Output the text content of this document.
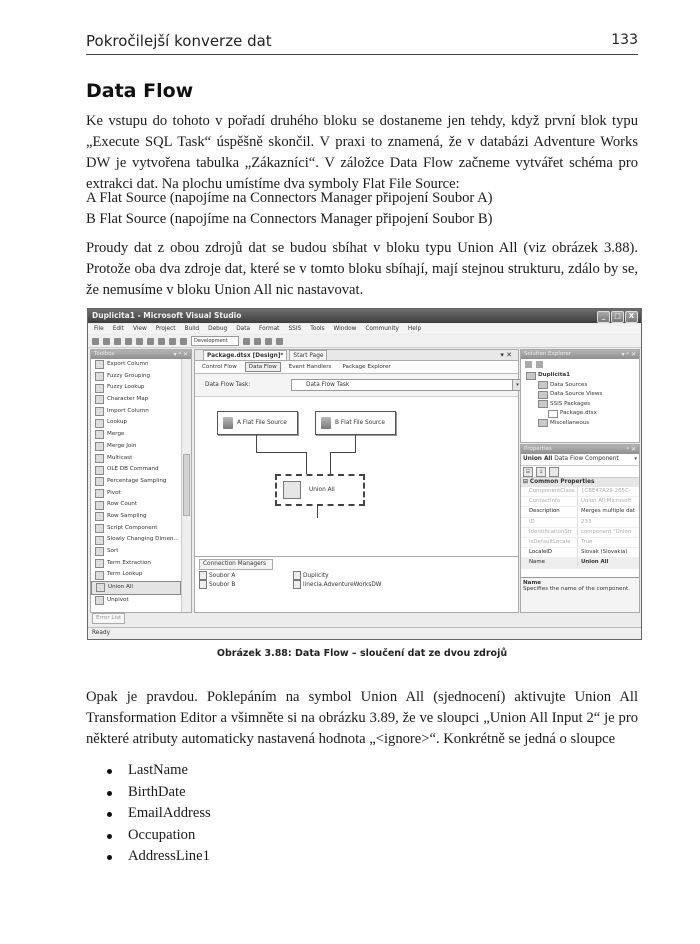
Pokročilejší konverze dat	133
Data Flow

Ke vstupu do tohoto v pořadí druhého bloku se dostaneme jen tehdy, když první blok typu „Execute SQL Task“ úspěšně skončil. V praxi to znamená, že v databázi Adventure Works DW je vytvořena tabulka „Zákazníci“. V záložce Data Flow začneme vytvářet schéma pro extrakci dat. Na plochu umístíme dva symboly Flat File Source:

A Flat Source (napojíme na Connectors Manager připojení Soubor A)

B Flat Source (napojíme na Connectors Manager připojení Soubor B)

Proudy dat z obou zdrojů dat se budou sbíhat v bloku typu Union All (viz obrázek 3.88). Protože oba dva zdroje dat, které se v tomto bloku sbíhají, mají stejnou strukturu, zdálo by se, že nemusíme v bloku Union All nic nastavovat.

Duplicita1 - Microsoft Visual Studio	_	□	X
File Edit View Project Build Debug Data Format SSIS Tools Window Community Help
Development
Toolbox	▾ ᵖ ✕
Export Column
Fuzzy Grouping
Fuzzy Lookup
Character Map
Import Column
Lookup
Merge
Merge Join
Multicast
OLE DB Command
Percentage Sampling
Pivot
Row Count
Row Sampling
Script Component
Slowly Changing Dimen...
Sort
Term Extraction
Term Lookup
Union All
Unpivot
Package.dtsx [Design]*	Start Page	▾ ✕
Control Flow	Data Flow	Event Handlers	Package Explorer
Data Flow Task:	Data Flow Task	▾
A Flat File Source	B Flat File Source
Union All
Connection Managers
Soubor A
Soubor B
Duplicity
linecla.AdventureWorksDW
Solution Explorer	▾ ᵖ ✕
Duplicita1
Data Sources
Data Source Views
SSIS Packages
Package.dtsx
Miscellaneous
Properties	ᵖ ✕
Union All Data Flow Component	▾
☷	↓
⊟ Common Properties
ComponentClass	{CBE47A29-265C-
ContactInfo	Union All;Microsoft
Description	Merges multiple dat
ID	233
IdentificationStr	component "Union
IsDefaultLocale	True
LocaleID	Slovak (Slovakia)
Name	Union All
Name
Specifies the name of the component.
Error List
Ready
Obrázek 3.88: Data Flow – sloučení dat ze dvou zdrojů

Opak je pravdou. Poklepáním na symbol Union All (sjednocení) aktivujte Union All Transformation Editor a všimněte si na obrázku 3.89, že ve sloupci „Union All Input 2“ je pro některé atributy automaticky nastavená hodnota „<ignore>“. Konkrétně se jedná o sloupce

LastName
BirthDate
EmailAddress
Occupation
AddressLine1
